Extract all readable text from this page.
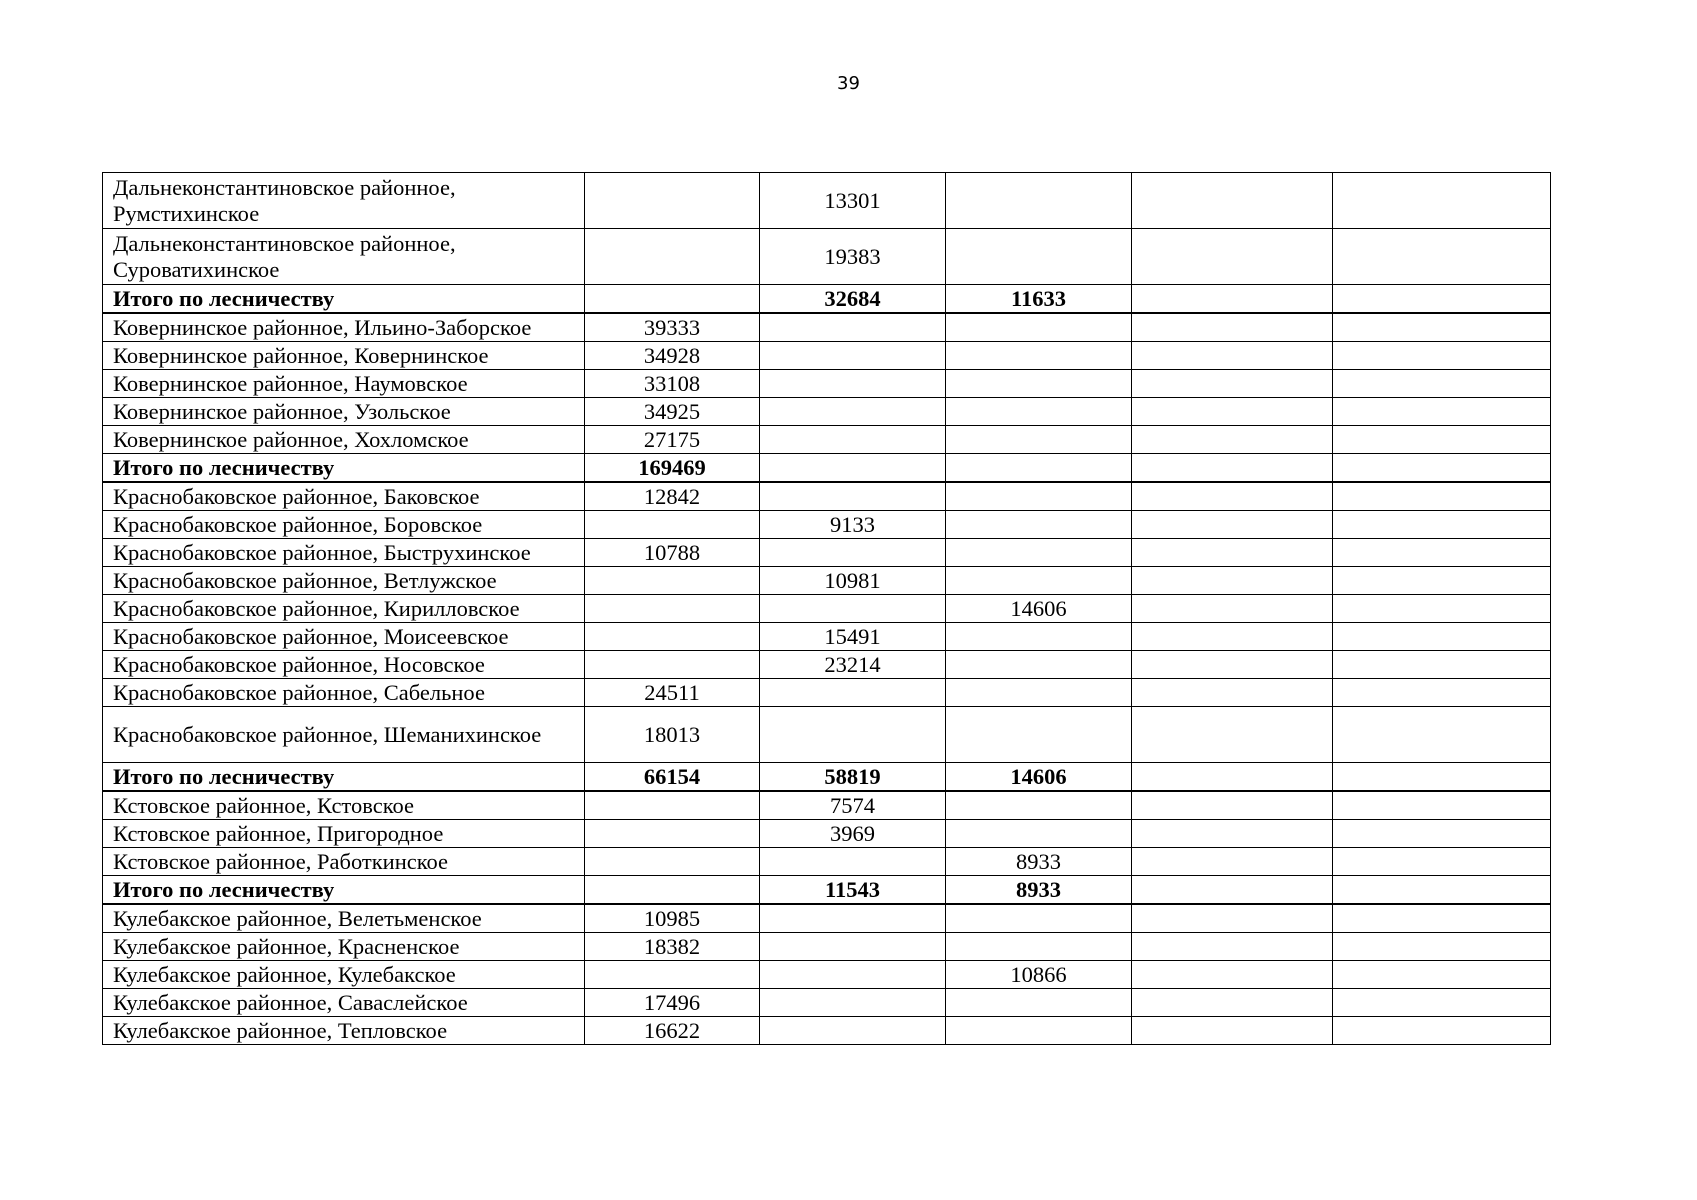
39
Дальнеконстантиновское районное, Румстихинское		13301			
Дальнеконстантиновское районное, Суроватихинское		19383			
Итого по лесничеству		32684	11633		
Ковернинское районное, Ильино-Заборское	39333				
Ковернинское районное, Ковернинское	34928				
Ковернинское районное, Наумовское	33108				
Ковернинское районное, Узольское	34925				
Ковернинское районное, Хохломское	27175				
Итого по лесничеству	169469				
Краснобаковское районное, Баковское	12842				
Краснобаковское районное, Боровское		9133			
Краснобаковское районное, Быструхинское	10788				
Краснобаковское районное, Ветлужское		10981			
Краснобаковское районное, Кирилловское			14606		
Краснобаковское районное, Моисеевское		15491			
Краснобаковское районное, Носовское		23214			
Краснобаковское районное, Сабельное	24511				
Краснобаковское районное, Шеманихинское	18013				
Итого по лесничеству	66154	58819	14606		
Кстовское районное, Кстовское		7574			
Кстовское районное, Пригородное		3969			
Кстовское районное, Работкинское			8933		
Итого по лесничеству		11543	8933		
Кулебакское районное, Велетьменское	10985				
Кулебакское районное, Красненское	18382				
Кулебакское районное, Кулебакское			10866		
Кулебакское районное, Саваслейское	17496				
Кулебакское районное, Тепловское	16622				
